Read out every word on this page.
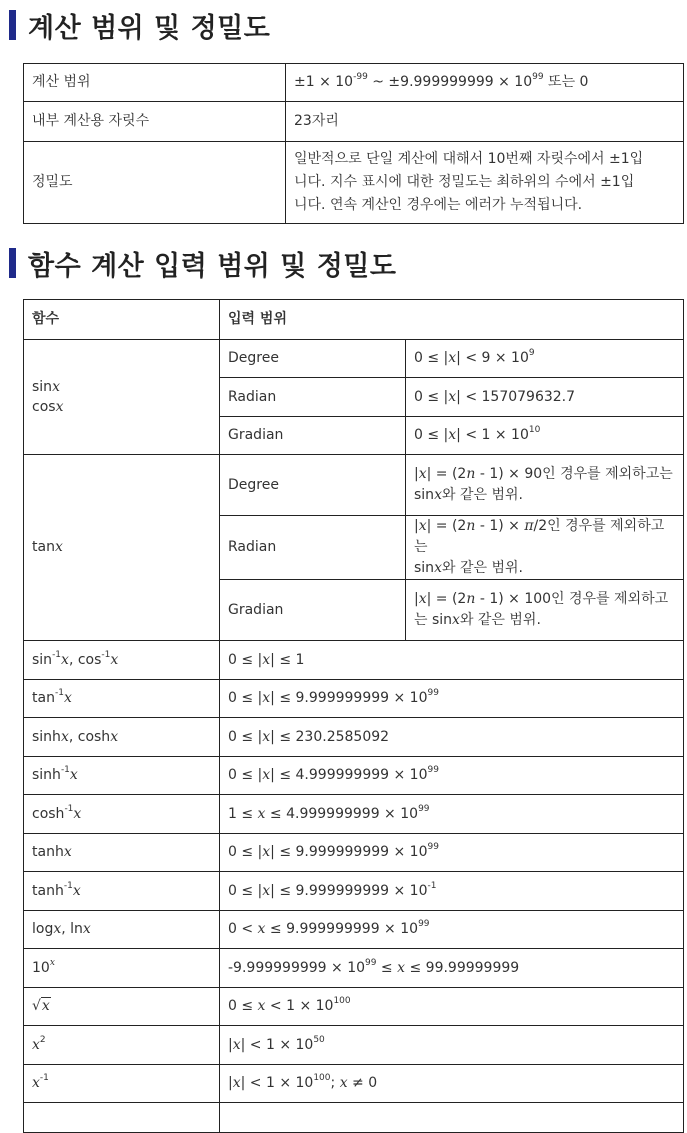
계산 범위 및 정밀도
계산 범위	$\pm 1 \times 10^{-99}$ ~ $\pm 9.999999999 \times 10^{99}$ 또는 0
내부 계산용 자릿수	23자리
정밀도	일반적으로 단일 계산에 대해서 10번째 자릿수에서 ±1입
니다. 지수 표시에 대한 정밀도는 최하위의 수에서 ±1입
니다. 연속 계산인 경우에는 에러가 누적됩니다.
함수 계산 입력 범위 및 정밀도
함수	입력 범위	

sinx
cosx	Degree	$0 \le |x| < 9 \times 10^9$
	Radian	0 ≤ |x| < 157079632.7
	Gradian	$0 \le |x| < 1 \times 10^{10}$
tanx	Degree	|x| = (2n - 1) × 90인 경우를 제외하고는
sinx와 같은 범위.

	Radian	|x| = (2n - 1) × π/2인 경우를 제외하고는
sinx와 같은 범위.

	Gradian	|x| = (2n - 1) × 100인 경우를 제외하고
는 sinx와 같은 범위.

$\sin^{-1}x$, $\cos^{-1}x$	0 ≤ |x| ≤ 1	
$\tan^{-1}x$	$0 \le |x| \le 9.999999999 \times 10^{99}$
sinhx, coshx	0 ≤ |x| ≤ 230.2585092	
$\sinh^{-1}x$	$0 \le |x| \le 4.999999999 \times 10^{99}$
$\cosh^{-1}x$	$1 \le x \le 4.999999999 \times 10^{99}$
tanhx	$0 \le |x| \le 9.999999999 \times 10^{99}$
$\tanh^{-1}x$	$0 \le |x| \le 9.999999999 \times 10^{-1}$
logx, lnx	$0 < x \le 9.999999999 \times 10^{99}$
10$^x$	$-9.999999999 \times 10^{99} \le x \le 99.99999999$	
√x	$0 \le x < 1 \times 10^{100}$
$x^2$	$|x| < 1 \times 10^{50}$
$x^{-1}$	$|x| < 1 \times 10^{100}$; x ≠ 0	
